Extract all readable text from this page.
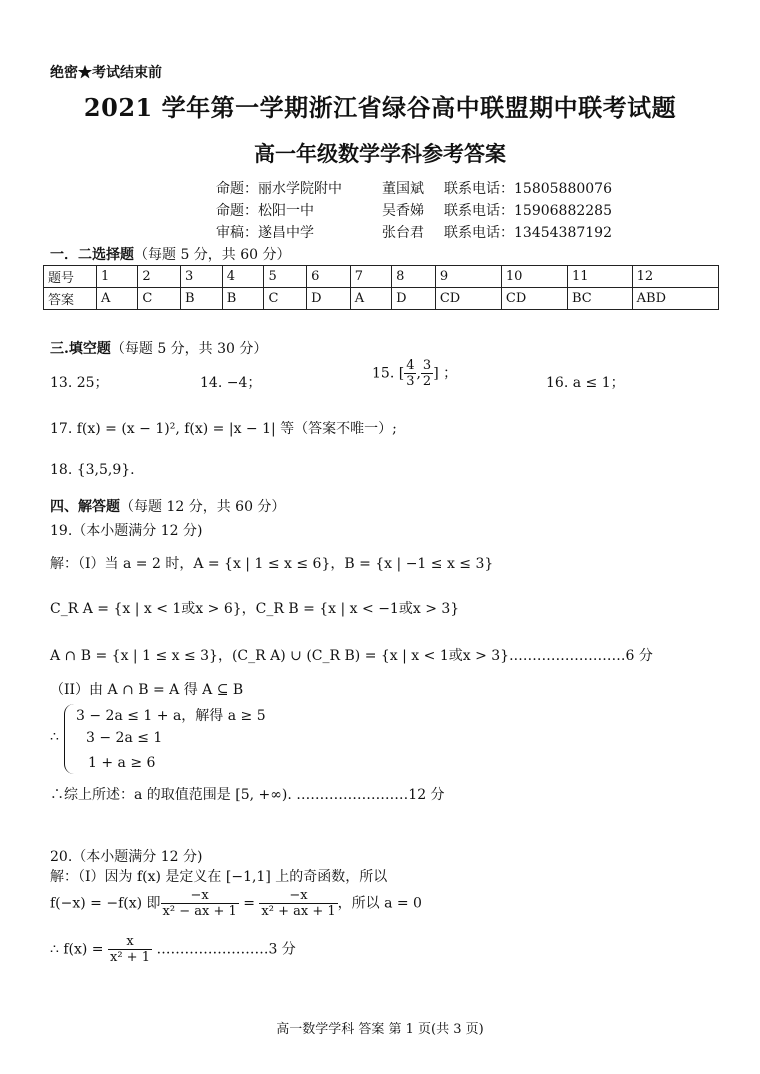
绝密★考试结束前
2021 学年第一学期浙江省绿谷高中联盟期中联考试题
高一年级数学学科参考答案
命题：丽水学院附中	董国斌 联系电话：15805880076
命题：松阳一中	吴香娣 联系电话：15906882285
审稿：遂昌中学	张台君 联系电话：13454387192
一．二选择题（每题 5 分，共 60 分）
题号	1	2	3	4	5	6	7	8	9	10	11	12
答案	A	C	B	B	C	D	A	D	CD	CD	BC	ABD
三.填空题（每题 5 分，共 30 分）
13. 25；	14. −4；
15. [ $\frac{4}{3}$ , $\frac{3}{2}$ ] ；
16. a ≤ 1；
17. f(x) = (x − 1)², f(x) = |x − 1| 等（答案不唯一）;
18. {3,5,9}.
四、解答题（每题 12 分，共 60 分）
19.（本小题满分 12 分)
解：（I）当 a = 2 时，A = {x | 1 ≤ x ≤ 6}，B = {x | −1 ≤ x ≤ 3}
C_R A = {x | x < 1或x > 6}，C_R B = {x | x < −1或x > 3}
A ∩ B = {x | 1 ≤ x ≤ 3}，(C_R A) ∪ (C_R B) = {x | x < 1或x > 3}.……………………6 分
（II）由 A ∩ B = A 得 A ⊆ B
∴
3 − 2a ≤ 1 + a，解得 a ≥ 5
3 − 2a ≤ 1
1 + a ≥ 6
∴综上所述：a 的取值范围是 [5, +∞). ……………………12 分
20.（本小题满分 12 分)
解：（I）因为 f(x) 是定义在 [−1,1] 上的奇函数，所以
f(−x) = −f(x) 即 $\frac{-x}{\text{x² − ax + 1}} = \frac{-x}{\text{x² + ax + 1}}$ ，所以 a = 0
∴ $f(x) = \frac{x}{\text{x² + 1}}$ ……………………3 分
高一数学学科 答案 第 1 页(共 3 页)
